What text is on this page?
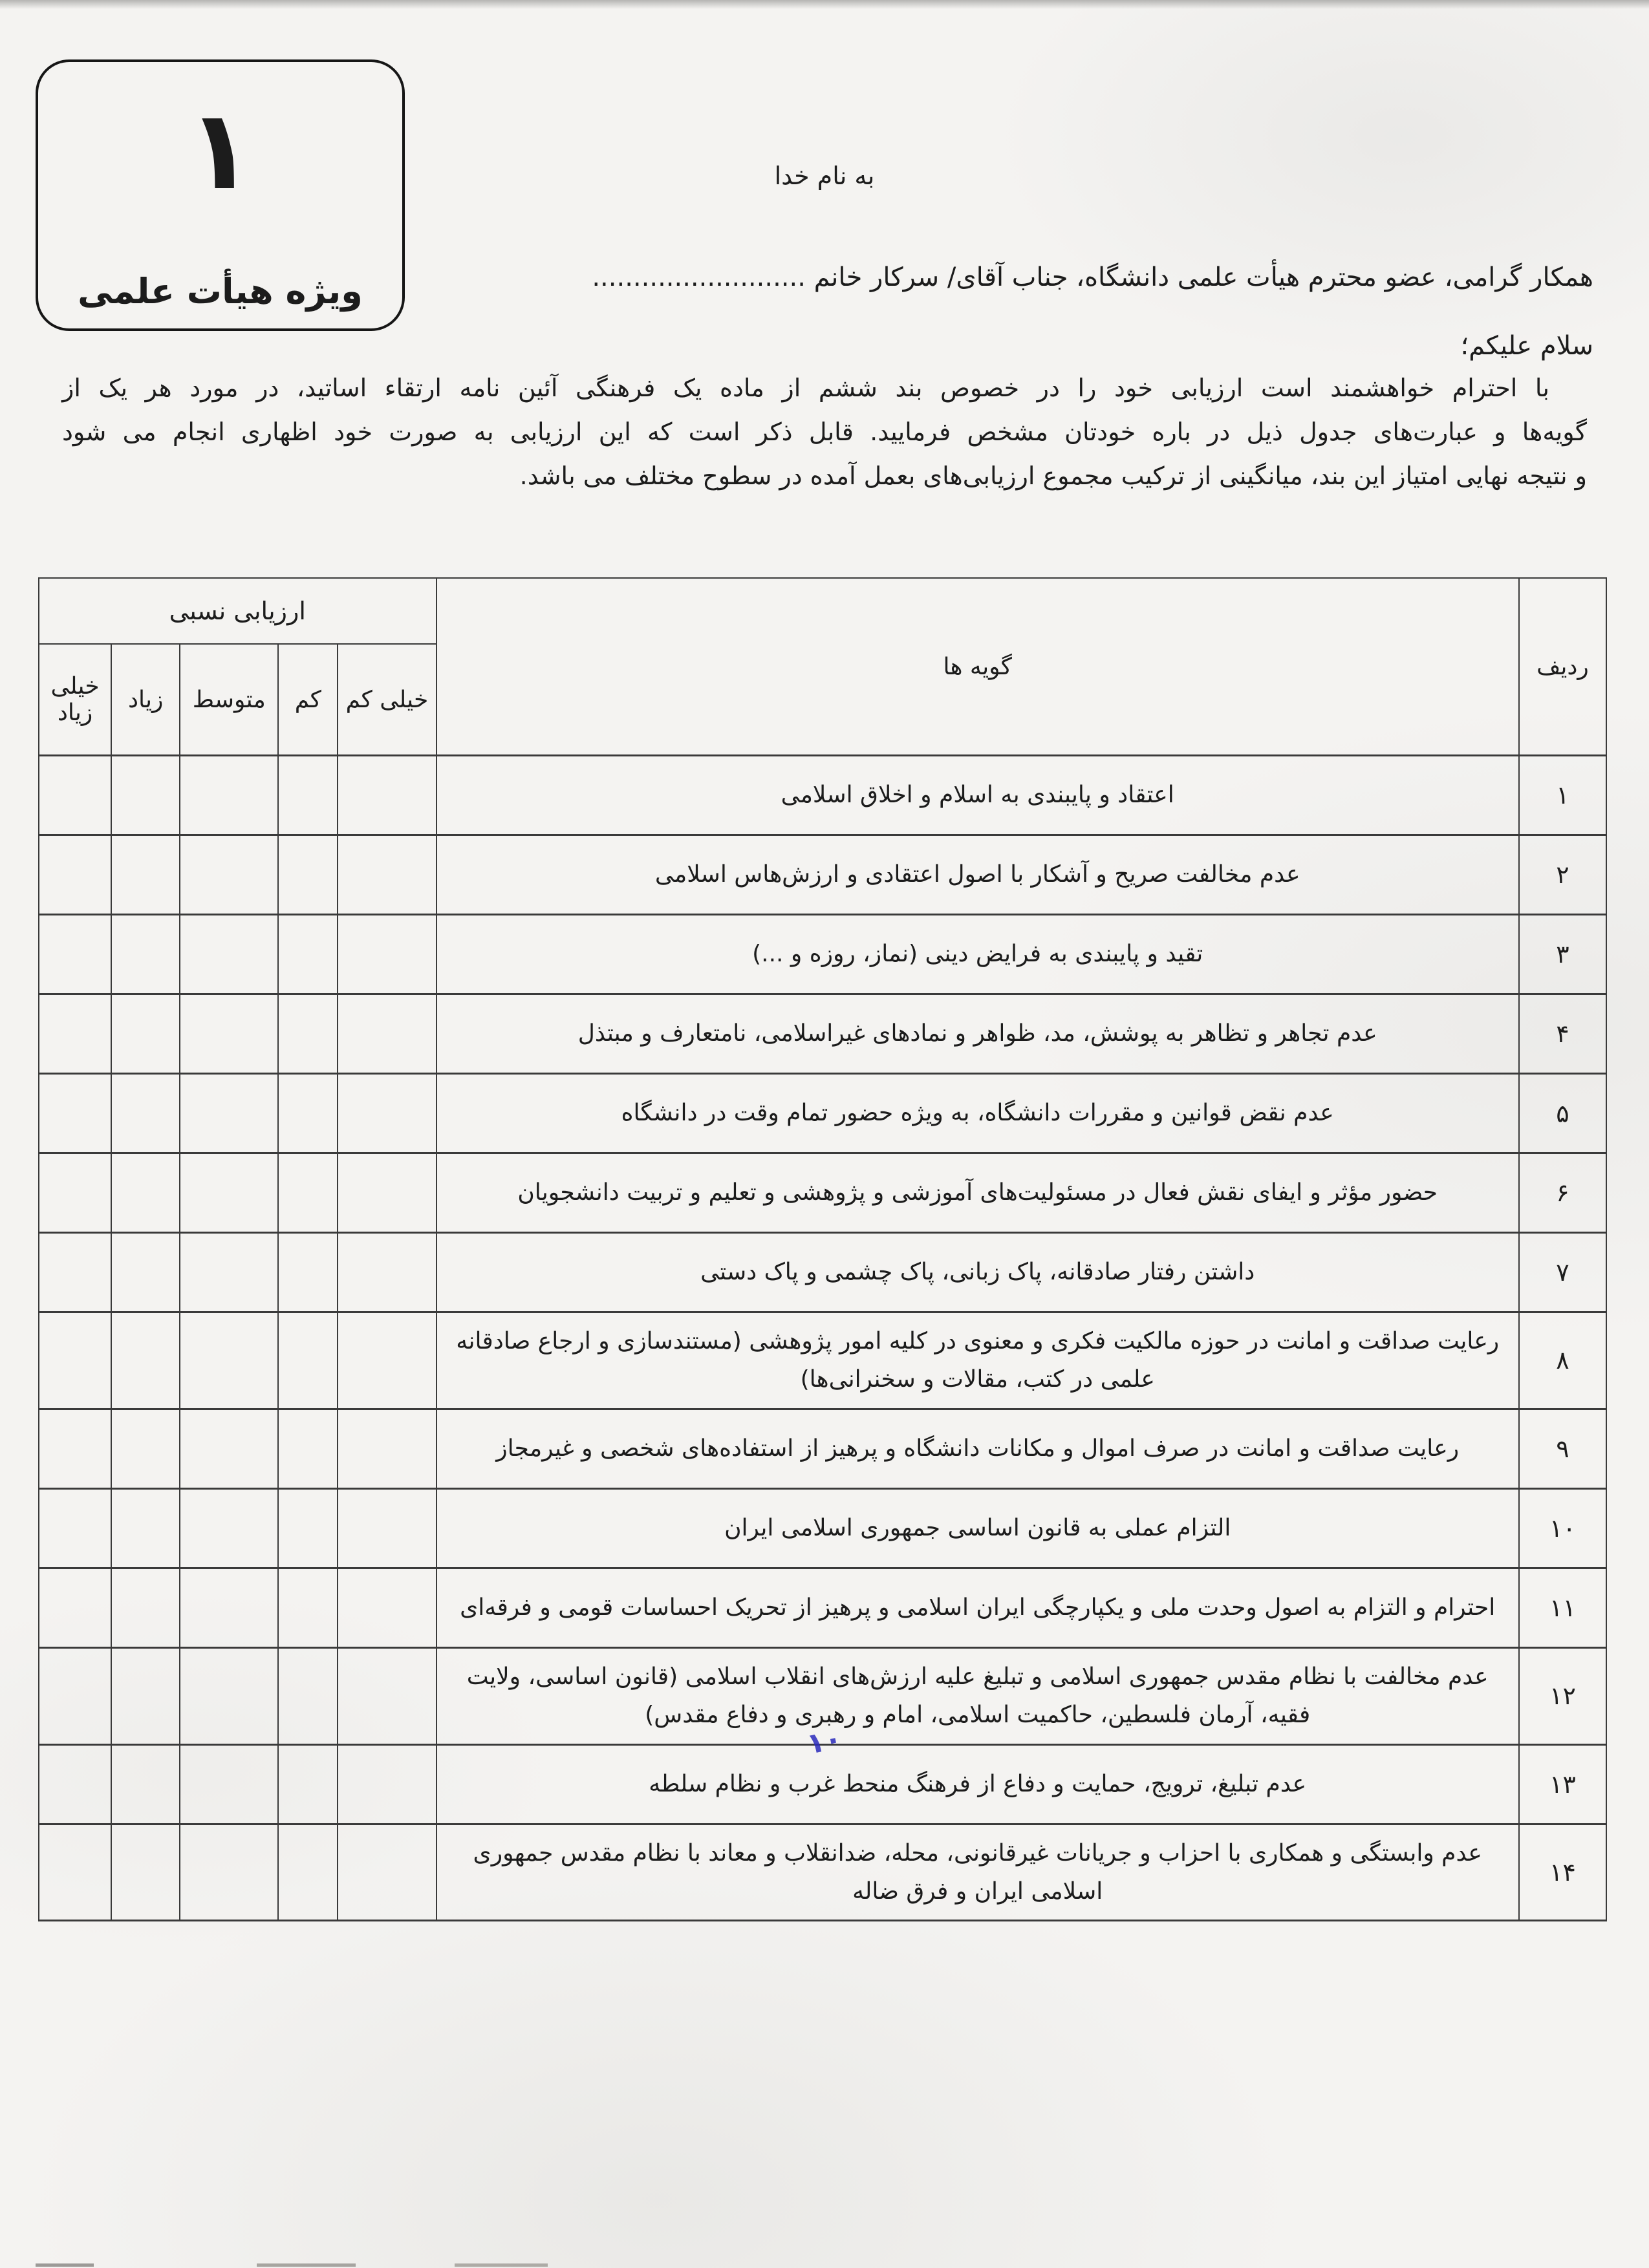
۱
ویژه هیأت علمی
به نام خدا
همکار گرامی، عضو محترم هیأت علمی دانشگاه، جناب آقای/ سرکار خانم ..........................
سلام علیکم؛
با احترام خواهشمند است ارزیابی خود را در خصوص بند ششم از ماده یک فرهنگی آئین نامه ارتقاء اساتید، در مورد هر یک از
گویه‌ها و عبارت‌های جدول ذیل در باره خودتان مشخص فرمایید. قابل ذکر است که این ارزیابی به صورت خود اظهاری انجام می شود
و نتیجه نهایی امتیاز این بند، میانگینی از ترکیب مجموع ارزیابی‌های بعمل آمده در سطوح مختلف می باشد.
ردیف	گویه ها	ارزیابی نسبی				
		خیلی کم	کم	متوسط	زیاد	خیلی زیاد
۱	اعتقاد و پایبندی به اسلام و اخلاق اسلامی					
۲	عدم مخالفت صریح و آشکار با اصول اعتقادی و ارزش‌هاس اسلامی					
۳	تقید و پایبندی به فرایض دینی (نماز، روزه و ...)					
۴	عدم تجاهر و تظاهر به پوشش، مد، ظواهر و نمادهای غیراسلامی، نامتعارف و مبتذل					
۵	عدم نقض قوانین و مقررات دانشگاه، به ویژه حضور تمام وقت در دانشگاه					
۶	حضور مؤثر و ایفای نقش فعال در مسئولیت‌های آموزشی و پژوهشی و تعلیم و تربیت دانشجویان					
۷	داشتن رفتار صادقانه، پاک زبانی، پاک چشمی و پاک دستی					
۸	رعایت صداقت و امانت در حوزه مالکیت فکری و معنوی در کلیه امور پژوهشی (مستندسازی و ارجاع صادقانه علمی در کتب، مقالات و سخنرانی‌ها)					
۹	رعایت صداقت و امانت در صرف اموال و مکانات دانشگاه و پرهیز از استفاده‌های شخصی و غیرمجاز					
۱۰	التزام عملی به قانون اساسی جمهوری اسلامی ایران					
۱۱	احترام و التزام به اصول وحدت ملی و یکپارچگی ایران اسلامی و پرهیز از تحریک احساسات قومی و فرقه‌ای					
۱۲	عدم مخالفت با نظام مقدس جمهوری اسلامی و تبلیغ علیه ارزش‌های انقلاب اسلامی (قانون اساسی، ولایت فقیه، آرمان فلسطین، حاکمیت اسلامی، امام و رهبری و دفاع مقدس)					
۱۳	عدم تبلیغ، ترویج، حمایت و دفاع از فرهنگ منحط غرب و نظام سلطه					
۱۴	عدم وابستگی و همکاری با احزاب و جریانات غیرقانونی، محله، ضدانقلاب و معاند با نظام مقدس جمهوری اسلامی ایران و فرق ضاله					
۱۰
